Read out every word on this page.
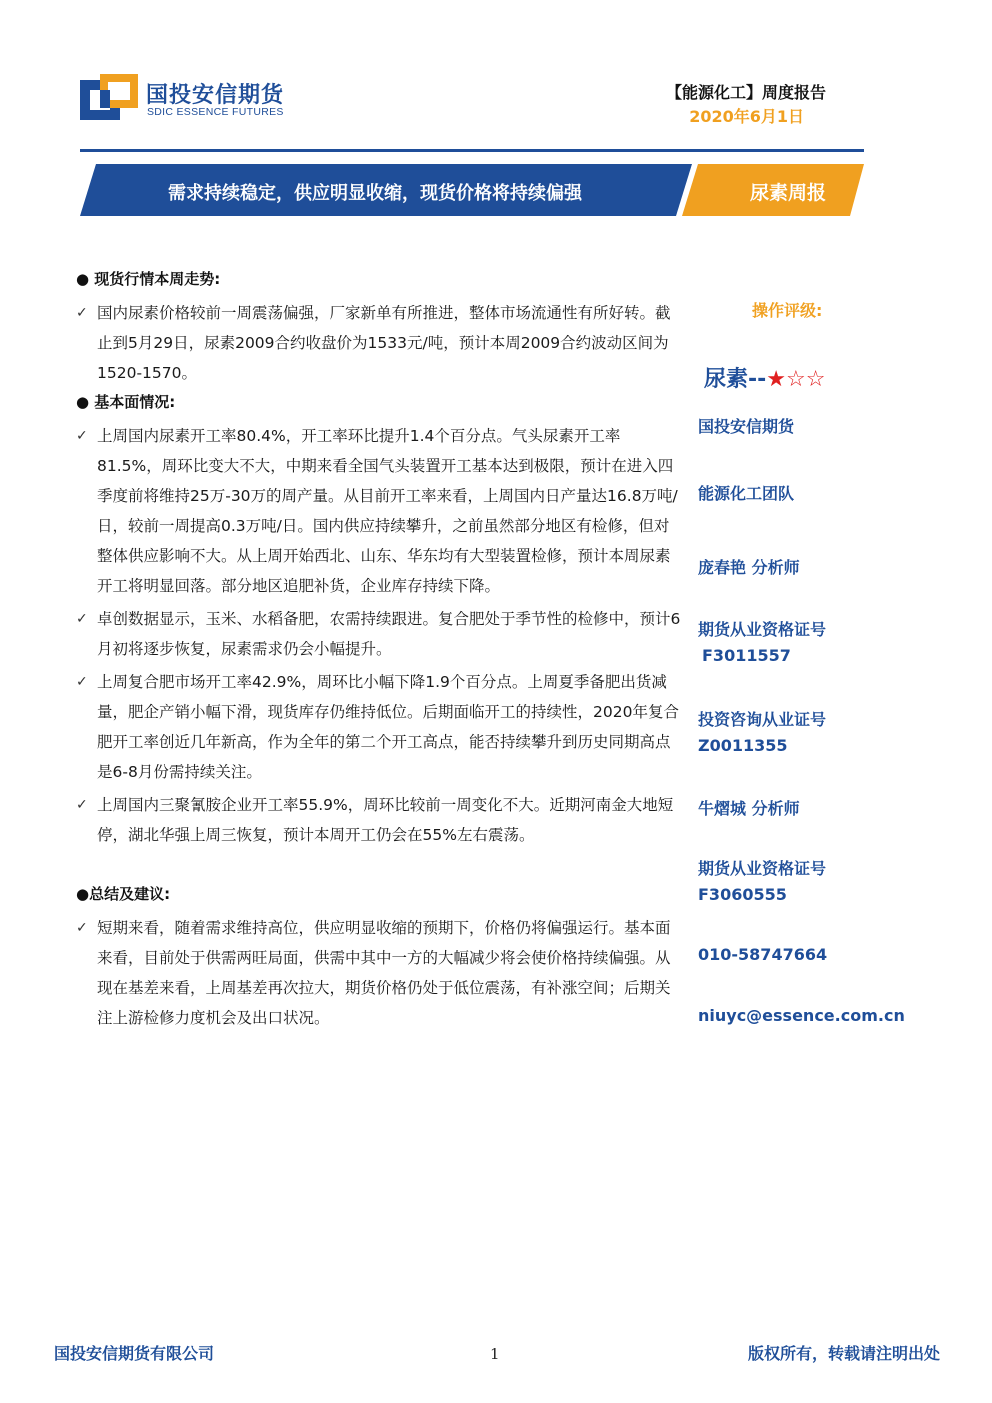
国投安信期货
SDIC ESSENCE FUTURES
【能源化工】周度报告
2020年6月1日
需求持续稳定，供应明显收缩，现货价格将持续偏强	尿素周报
● 现货行情本周走势:
✓ 国内尿素价格较前一周震荡偏强，厂家新单有所推进，整体市场流通性有所好转。截止到5月29日，尿素2009合约收盘价为1533元/吨，预计本周2009合约波动区间为1520-1570。
● 基本面情况:
✓ 上周国内尿素开工率80.4%，开工率环比提升1.4个百分点。气头尿素开工率81.5%，周环比变大不大，中期来看全国气头装置开工基本达到极限，预计在进入四季度前将维持25万-30万的周产量。从目前开工率来看，上周国内日产量达16.8万吨/日，较前一周提高0.3万吨/日。国内供应持续攀升，之前虽然部分地区有检修，但对整体供应影响不大。从上周开始西北、山东、华东均有大型装置检修，预计本周尿素开工将明显回落。部分地区追肥补货，企业库存持续下降。
✓ 卓创数据显示，玉米、水稻备肥，农需持续跟进。复合肥处于季节性的检修中，预计6月初将逐步恢复，尿素需求仍会小幅提升。
✓ 上周复合肥市场开工率42.9%，周环比小幅下降1.9个百分点。上周夏季备肥出货减量，肥企产销小幅下滑，现货库存仍维持低位。后期面临开工的持续性，2020年复合肥开工率创近几年新高，作为全年的第二个开工高点，能否持续攀升到历史同期高点是6-8月份需持续关注。
✓ 上周国内三聚氰胺企业开工率55.9%，周环比较前一周变化不大。近期河南金大地短停，湖北华强上周三恢复，预计本周开工仍会在55%左右震荡。
●总结及建议:
✓ 短期来看，随着需求维持高位，供应明显收缩的预期下，价格仍将偏强运行。基本面来看，目前处于供需两旺局面，供需中其中一方的大幅减少将会使价格持续偏强。从现在基差来看，上周基差再次拉大，期货价格仍处于低位震荡，有补涨空间；后期关注上游检修力度机会及出口状况。
操作评级:
尿素--★☆☆
国投安信期货
能源化工团队
庞春艳 分析师
期货从业资格证号
F3011557
投资咨询从业证号
Z0011355
牛熠城 分析师
期货从业资格证号
F3060555
010-58747664
niuyc@essence.com.cn
国投安信期货有限公司	1	版权所有，转载请注明出处
